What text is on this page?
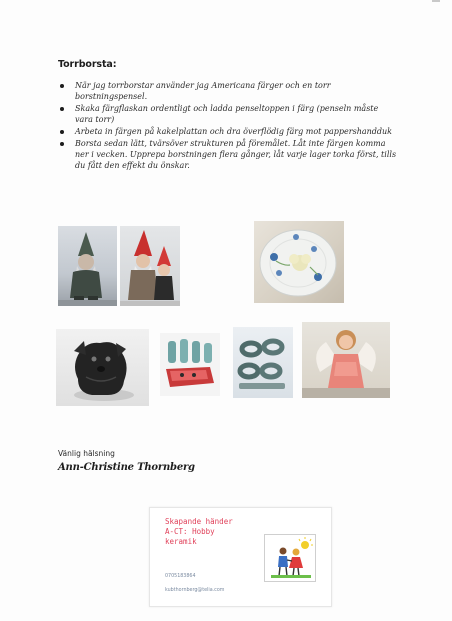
Torrborsta:
När jag torrborstar använder jag Americana färger och en torr borstningspensel.
Skaka färgflaskan ordentligt och ladda penseltoppen i färg (penseln måste vara torr)
Arbeta in färgen på kakelplattan och dra överflödig färg mot pappershandduk
Borsta sedan lätt, tvärsöver strukturen på föremålet. Låt inte färgen komma ner i vecken. Upprepa borstningen flera gånger, låt varje lager torka först, tills du fått den effekt du önskar.
Vänlig hälsning
Ann-Christine Thornberg
Skapande händer
A-CT: Hobby
keramik
0705183864
kubthornberg@telia.com
